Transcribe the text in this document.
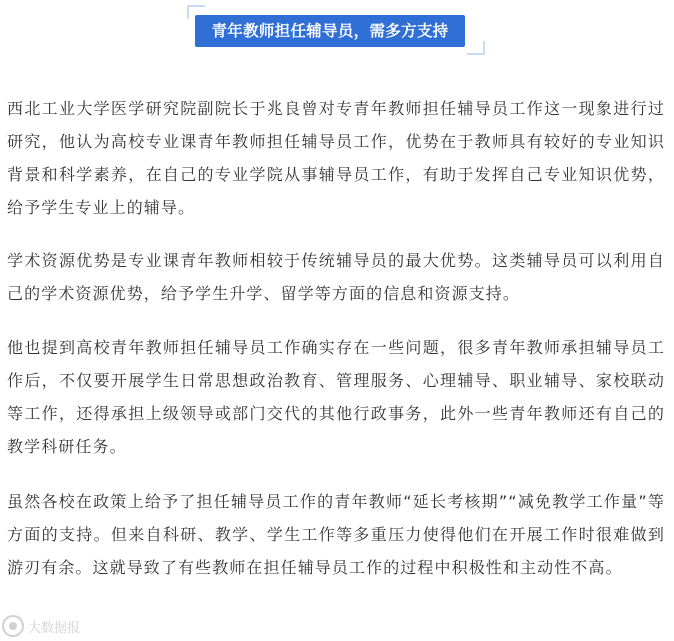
青年教师担任辅导员，需多方支持

西北工业大学医学研究院副院长于兆良曾对专青年教师担任辅导员工作这一现象进行过研究，他认为高校专业课青年教师担任辅导员工作，优势在于教师具有较好的专业知识背景和科学素养，在自己的专业学院从事辅导员工作，有助于发挥自己专业知识优势，给予学生专业上的辅导。

学术资源优势是专业课青年教师相较于传统辅导员的最大优势。这类辅导员可以利用自己的学术资源优势，给予学生升学、留学等方面的信息和资源支持。

他也提到高校青年教师担任辅导员工作确实存在一些问题，很多青年教师承担辅导员工作后，不仅要开展学生日常思想政治教育、管理服务、心理辅导、职业辅导、家校联动等工作，还得承担上级领导或部门交代的其他行政事务，此外一些青年教师还有自己的教学科研任务。

虽然各校在政策上给予了担任辅导员工作的青年教师“延长考核期”“减免教学工作量”等方面的支持。但来自科研、教学、学生工作等多重压力使得他们在开展工作时很难做到游刃有余。这就导致了有些教师在担任辅导员工作的过程中积极性和主动性不高。

大数据报
